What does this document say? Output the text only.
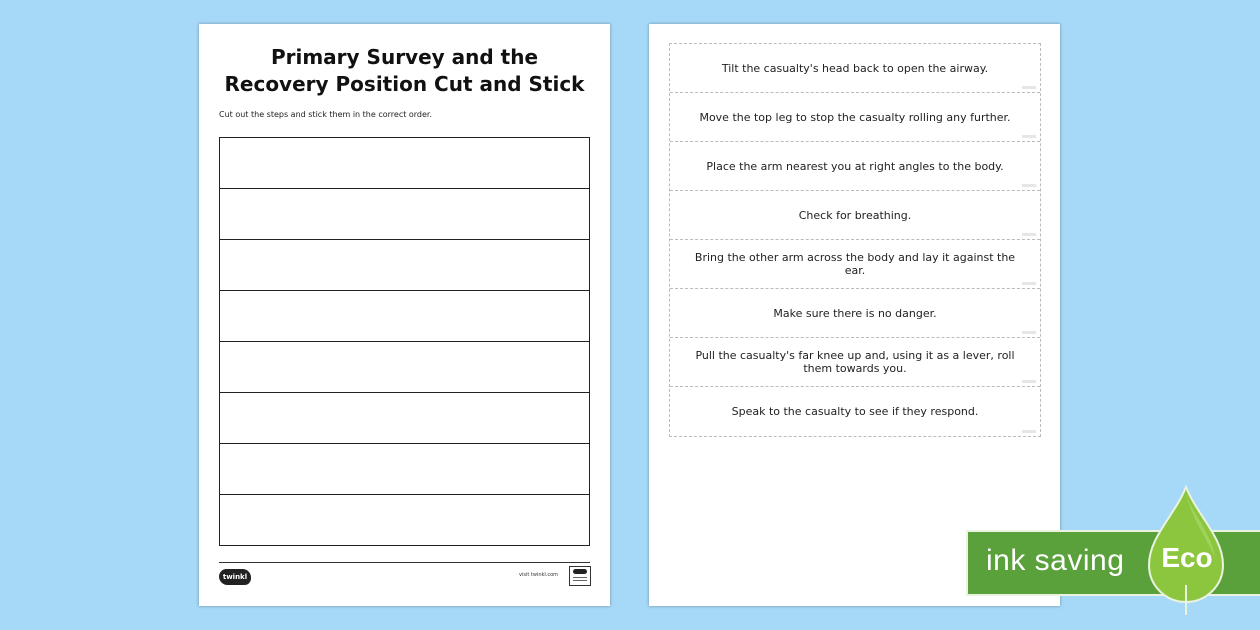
Primary Survey and the Recovery Position Cut and Stick
Cut out the steps and stick them in the correct order.
twinkl	visit twinkl.com
Tilt the casualty's head back to open the airway.
Move the top leg to stop the casualty rolling any further.
Place the arm nearest you at right angles to the body.
Check for breathing.
Bring the other arm across the body and lay it against the ear.
Make sure there is no danger.
Pull the casualty's far knee up and, using it as a lever, roll them towards you.
Speak to the casualty to see if they respond.
ink saving Eco
